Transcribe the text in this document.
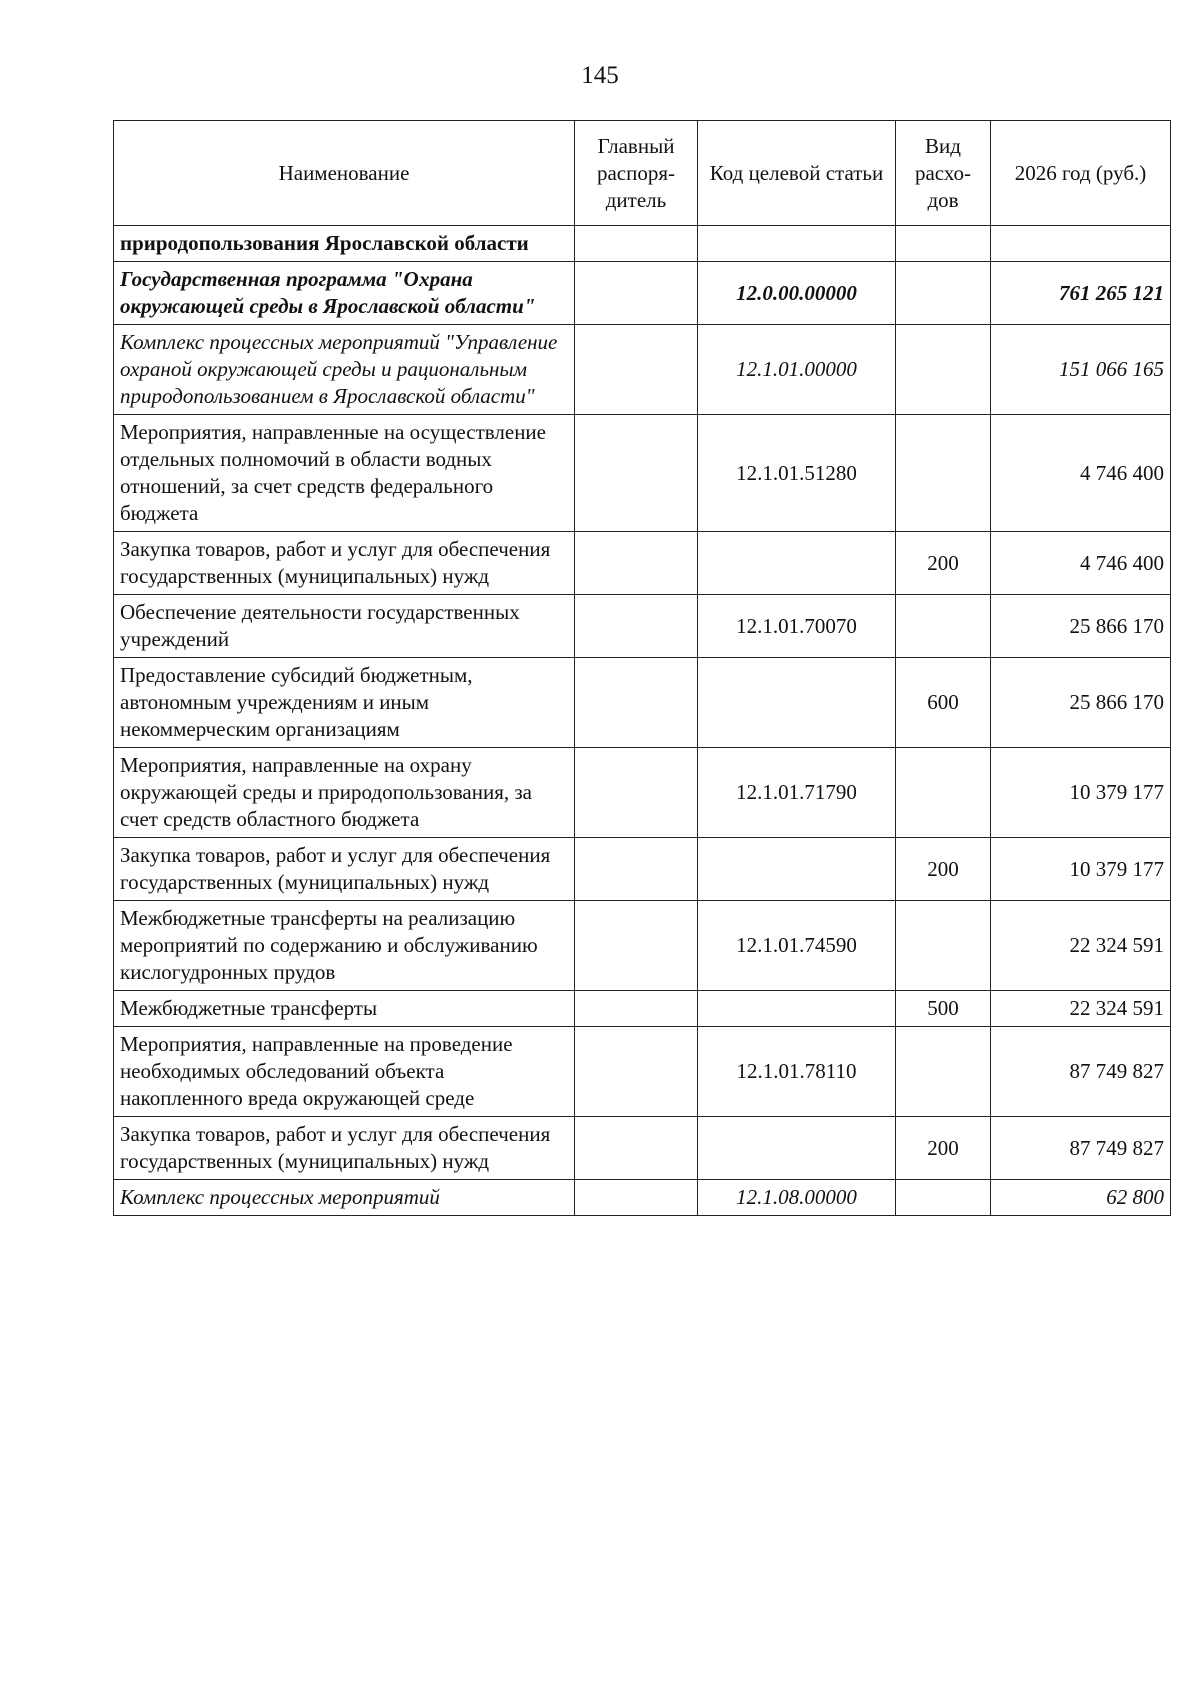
145
Наименование	Главный распоря-дитель	Код целевой статьи	Вид расхо-дов	2026 год (руб.)
природопользования Ярославской области				
Государственная программа "Охрана окружающей среды в Ярославской области"		12.0.00.00000		761 265 121
Комплекс процессных мероприятий "Управление охраной окружающей среды и рациональным природопользованием в Ярославской области"		12.1.01.00000		151 066 165
Мероприятия, направленные на осуществление отдельных полномочий в области водных отношений, за счет средств федерального бюджета		12.1.01.51280		4 746 400
Закупка товаров, работ и услуг для обеспечения государственных (муниципальных) нужд			200	4 746 400
Обеспечение деятельности государственных учреждений		12.1.01.70070		25 866 170
Предоставление субсидий бюджетным, автономным учреждениям и иным некоммерческим организациям			600	25 866 170
Мероприятия, направленные на охрану окружающей среды и природопользования, за счет средств областного бюджета		12.1.01.71790		10 379 177
Закупка товаров, работ и услуг для обеспечения государственных (муниципальных) нужд			200	10 379 177
Межбюджетные трансферты на реализацию мероприятий по содержанию и обслуживанию кислогудронных прудов		12.1.01.74590		22 324 591
Межбюджетные трансферты			500	22 324 591
Мероприятия, направленные на проведение необходимых обследований объекта накопленного вреда окружающей среде		12.1.01.78110		87 749 827
Закупка товаров, работ и услуг для обеспечения государственных (муниципальных) нужд			200	87 749 827
Комплекс процессных мероприятий		12.1.08.00000		62 800
